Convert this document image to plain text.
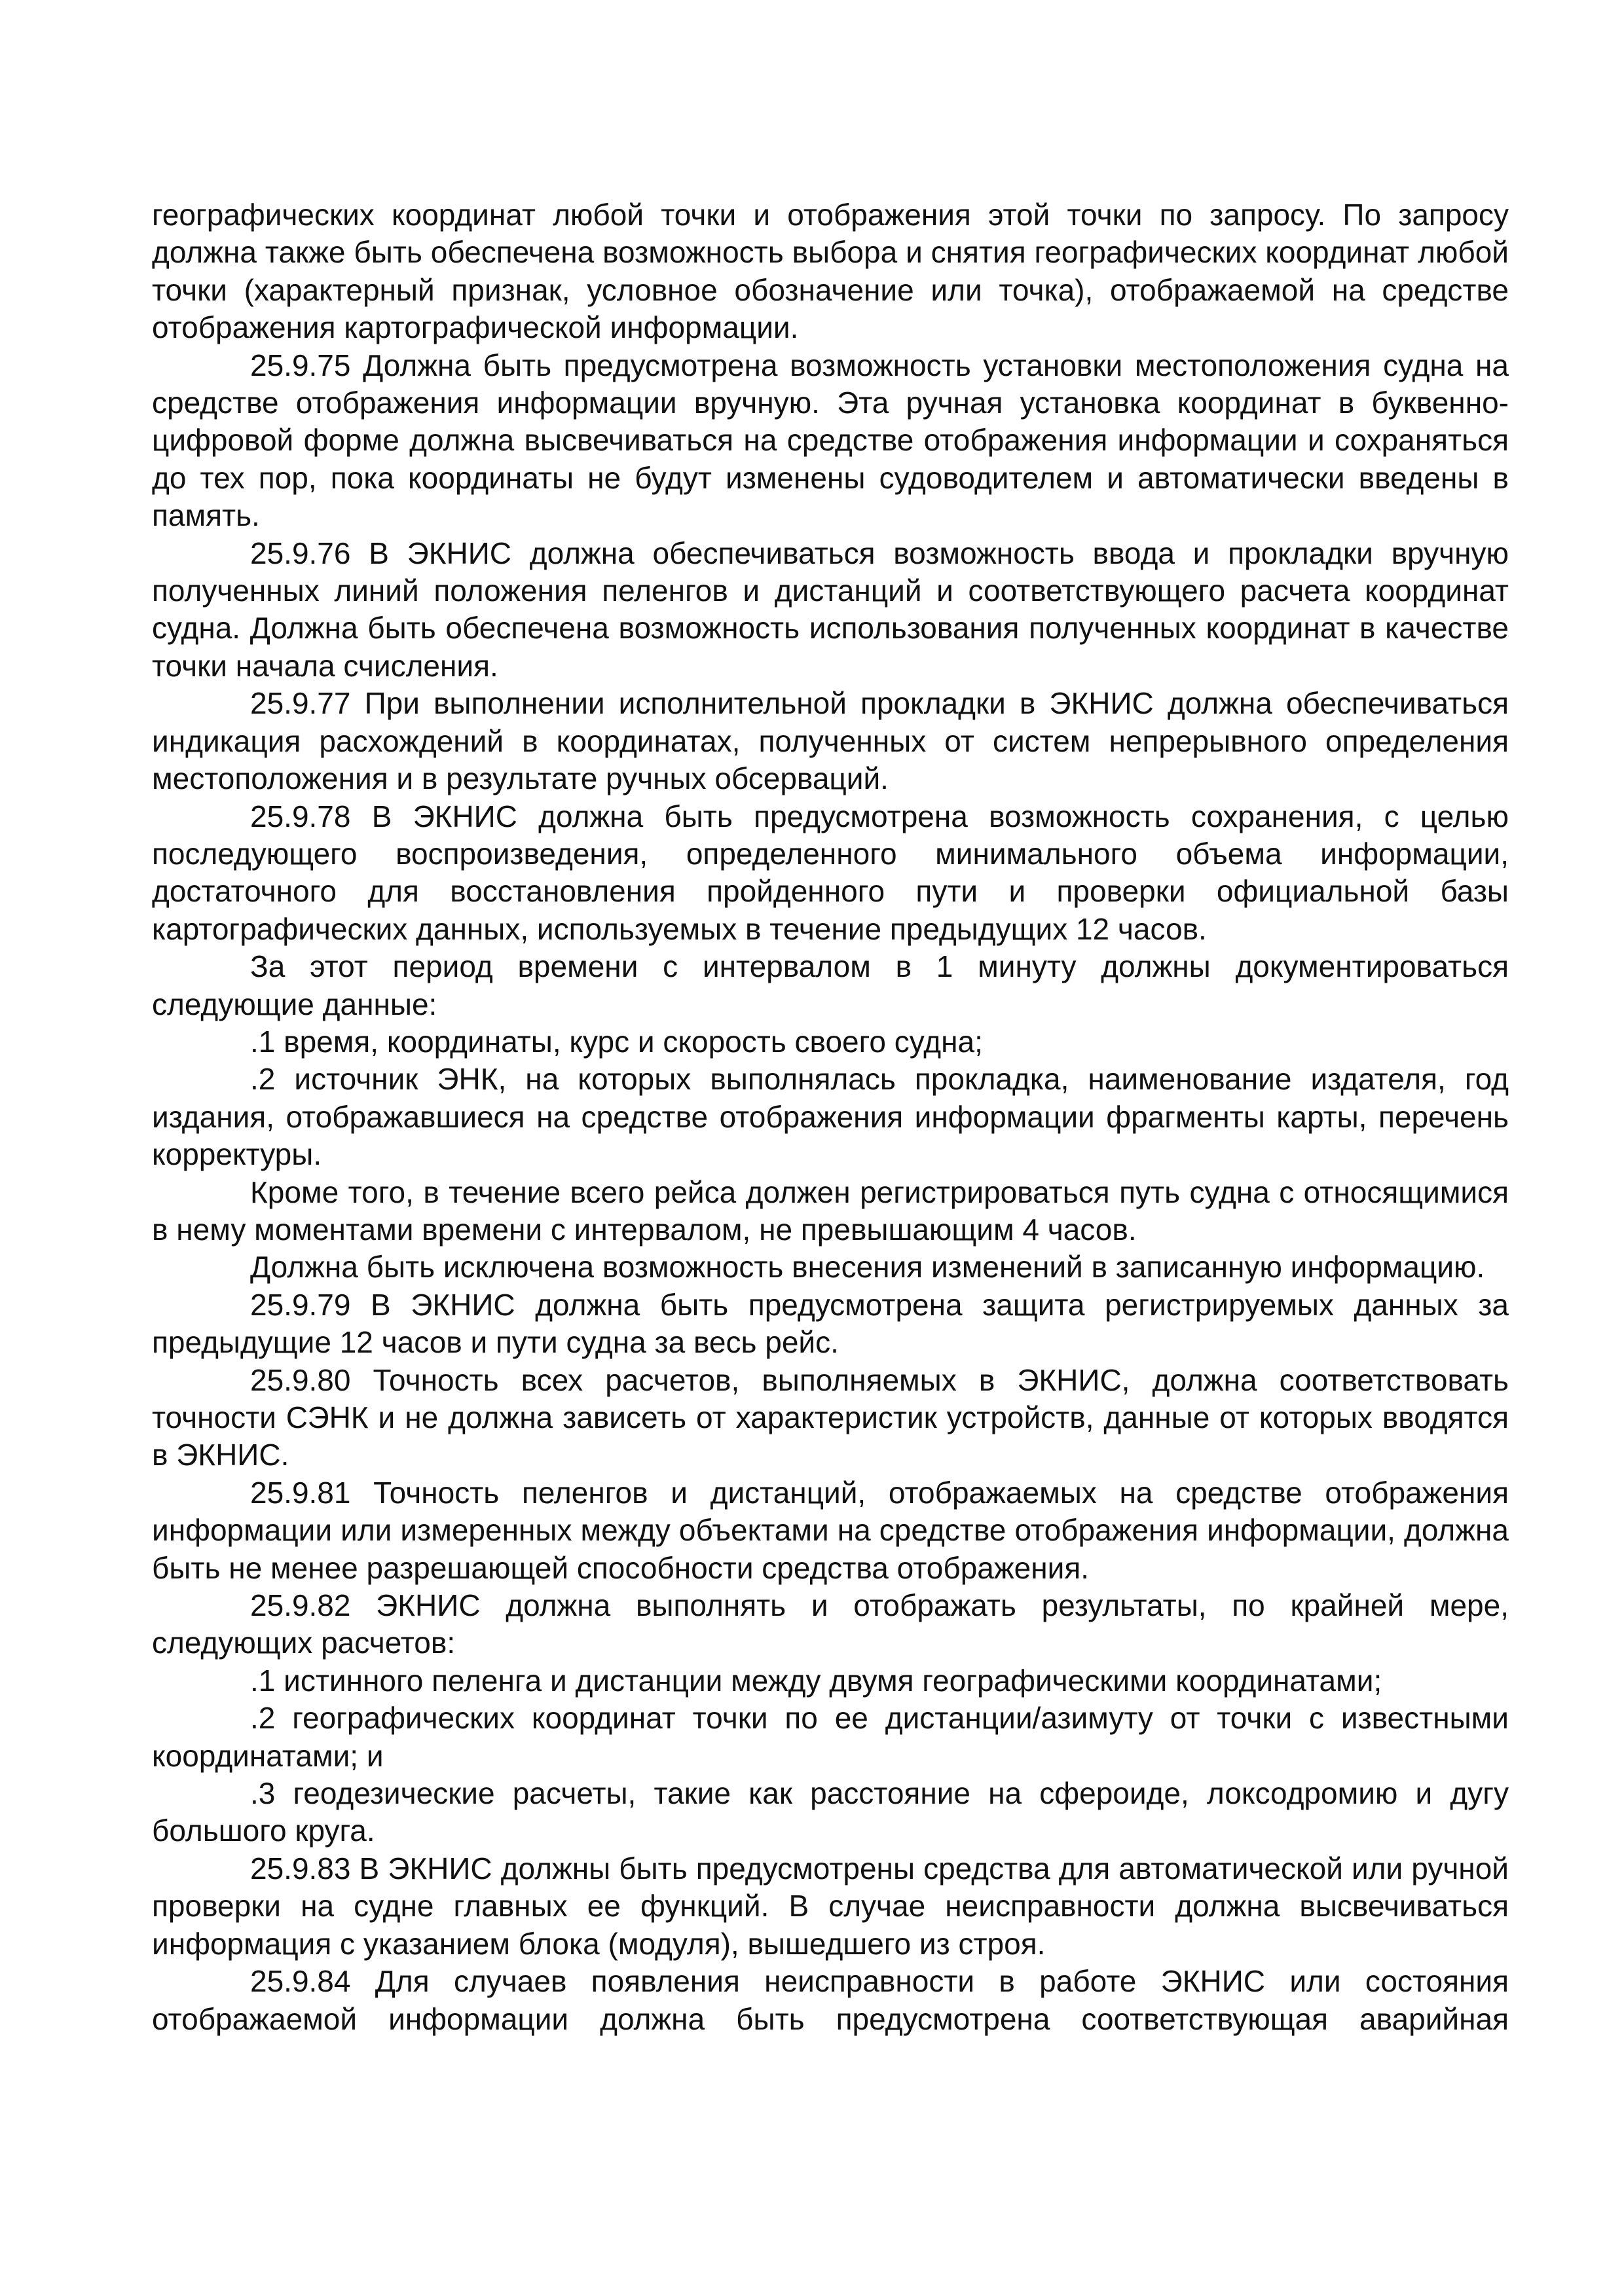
географических координат любой точки и отображения этой точки по запросу. По запросу должна также быть обеспечена возможность выбора и снятия географических координат любой точки (характерный признак, условное обозначение или точка), отображаемой на средстве отображения картографической информации.

25.9.75 Должна быть предусмотрена возможность установки местоположения судна на средстве отображения информации вручную. Эта ручная установка координат в буквенно-цифровой форме должна высвечиваться на средстве отображения информации и сохраняться до тех пор, пока координаты не будут изменены судоводителем и автоматически введены в память.

25.9.76 В ЭКНИС должна обеспечиваться возможность ввода и прокладки вручную полученных линий положения пеленгов и дистанций и соответствующего расчета координат судна. Должна быть обеспечена возможность использования полученных координат в качестве точки начала счисления.

25.9.77 При выполнении исполнительной прокладки в ЭКНИС должна обеспечиваться индикация расхождений в координатах, полученных от систем непрерывного определения местоположения и в результате ручных обсерваций.

25.9.78 В ЭКНИС должна быть предусмотрена возможность сохранения, с целью последующего воспроизведения, определенного минимального объема информации, достаточного для восстановления пройденного пути и проверки официальной базы картографических данных, используемых в течение предыдущих 12 часов.

За этот период времени с интервалом в 1 минуту должны документироваться следующие данные:

.1 время, координаты, курс и скорость своего судна;

.2 источник ЭНК, на которых выполнялась прокладка, наименование издателя, год издания, отображавшиеся на средстве отображения информации фрагменты карты, перечень корректуры.

Кроме того, в течение всего рейса должен регистрироваться путь судна с относящимися в нему моментами времени с интервалом, не превышающим 4 часов.

Должна быть исключена возможность внесения изменений в записанную информацию.

25.9.79 В ЭКНИС должна быть предусмотрена защита регистрируемых данных за предыдущие 12 часов и пути судна за весь рейс.

25.9.80 Точность всех расчетов, выполняемых в ЭКНИС, должна соответствовать точности СЭНК и не должна зависеть от характеристик устройств, данные от которых вводятся в ЭКНИС.

25.9.81 Точность пеленгов и дистанций, отображаемых на средстве отображения информации или измеренных между объектами на средстве отображения информации, должна быть не менее разрешающей способности средства отображения.

25.9.82 ЭКНИС должна выполнять и отображать результаты, по крайней мере, следующих расчетов:

.1 истинного пеленга и дистанции между двумя географическими координатами;

.2 географических координат точки по ее дистанции/азимуту от точки с известными координатами; и

.3 геодезические расчеты, такие как расстояние на сфероиде, локсодромию и дугу большого круга.

25.9.83 В ЭКНИС должны быть предусмотрены средства для автоматической или ручной проверки на судне главных ее функций. В случае неисправности должна высвечиваться информация с указанием блока (модуля), вышедшего из строя.

25.9.84 Для случаев появления неисправности в работе ЭКНИС или состояния отображаемой информации должна быть предусмотрена соответствующая аварийная
